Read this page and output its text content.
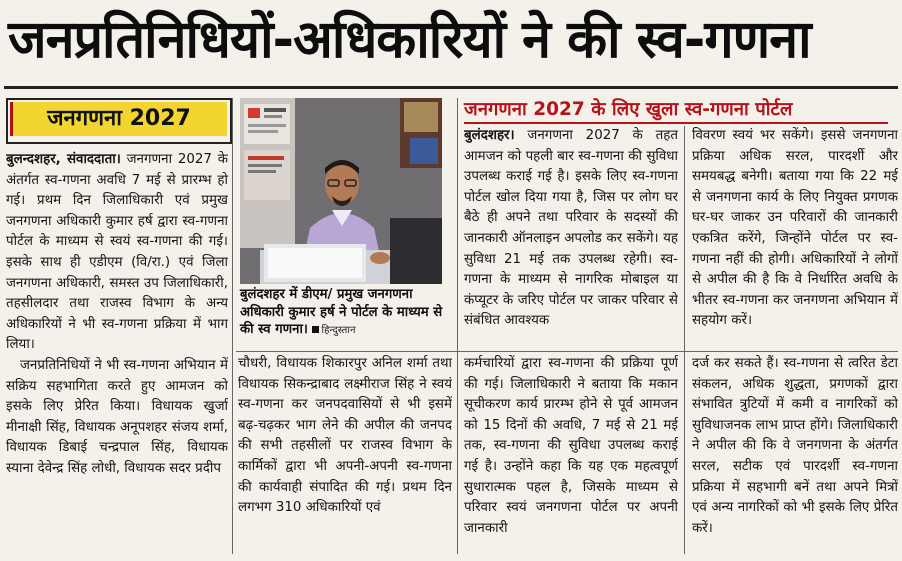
जनप्रतिनिधियों-अधिकारियों ने की स्व-गणना
जनगणना 2027
बुलन्दशहर, संवाददाता। जनगणना 2027 के अंतर्गत स्व-गणना अवधि 7 मई से प्रारम्भ हो गई। प्रथम दिन जिलाधिकारी एवं प्रमुख जनगणना अधिकारी कुमार हर्ष द्वारा स्व-गणना पोर्टल के माध्यम से स्वयं स्व-गणना की गई। इसके साथ ही एडीएम (वि/रा.) एवं जिला जनगणना अधिकारी, समस्त उप जिलाधिकारी, तहसीलदार तथा राजस्व विभाग के अन्य अधिकारियों ने भी स्व-गणना प्रक्रिया में भाग लिया।
जनप्रतिनिधियों ने भी स्व-गणना अभियान में सक्रिय सहभागिता करते हुए आमजन को इसके लिए प्रेरित किया। विधायक खुर्जा मीनाक्षी सिंह, विधायक अनूपशहर संजय शर्मा, विधायक डिबाई चन्द्रपाल सिंह, विधायक स्याना देवेन्द्र सिंह लोधी, विधायक सदर प्रदीप
बुलंदशहर में डीएम/ प्रमुख जनगणना अधिकारी कुमार हर्ष ने पोर्टल के माध्यम से की स्व गणना। हिन्दुस्तान
जनगणना 2027 के लिए खुला स्व-गणना पोर्टल
बुलंदशहर। जनगणना 2027 के तहत आमजन को पहली बार स्व-गणना की सुविधा उपलब्ध कराई गई है। इसके लिए स्व-गणना पोर्टल खोल दिया गया है, जिस पर लोग घर बैठे ही अपने तथा परिवार के सदस्यों की जानकारी ऑनलाइन अपलोड कर सकेंगे। यह सुविधा 21 मई तक उपलब्ध रहेगी। स्व-गणना के माध्यम से नागरिक मोबाइल या कंप्यूटर के जरिए पोर्टल पर जाकर परिवार से संबंधित आवश्यक
विवरण स्वयं भर सकेंगे। इससे जनगणना प्रक्रिया अधिक सरल, पारदर्शी और समयबद्ध बनेगी। बताया गया कि 22 मई से जनगणना कार्य के लिए नियुक्त प्रगणक घर-घर जाकर उन परिवारों की जानकारी एकत्रित करेंगे, जिन्होंने पोर्टल पर स्व-गणना नहीं की होगी। अधिकारियों ने लोगों से अपील की है कि वे निर्धारित अवधि के भीतर स्व-गणना कर जनगणना अभियान में सहयोग करें।
चौधरी, विधायक शिकारपुर अनिल शर्मा तथा विधायक सिकन्द्राबाद लक्ष्मीराज सिंह ने स्वयं स्व-गणना कर जनपदवासियों से भी इसमें बढ़-चढ़कर भाग लेने की अपील की जनपद की सभी तहसीलों पर राजस्व विभाग के कार्मिकों द्वारा भी अपनी-अपनी स्व-गणना की कार्यवाही संपादित की गई। प्रथम दिन लगभग 310 अधिकारियों एवं
कर्मचारियों द्वारा स्व-गणना की प्रक्रिया पूर्ण की गई। जिलाधिकारी ने बताया कि मकान सूचीकरण कार्य प्रारम्भ होने से पूर्व आमजन को 15 दिनों की अवधि, 7 मई से 21 मई तक, स्व-गणना की सुविधा उपलब्ध कराई गई है। उन्होंने कहा कि यह एक महत्वपूर्ण सुधारात्मक पहल है, जिसके माध्यम से परिवार स्वयं जनगणना पोर्टल पर अपनी जानकारी
दर्ज कर सकते हैं। स्व-गणना से त्वरित डेटा संकलन, अधिक शुद्धता, प्रगणकों द्वारा संभावित त्रुटियों में कमी व नागरिकों को सुविधाजनक लाभ प्राप्त होंगे। जिलाधिकारी ने अपील की कि वे जनगणना के अंतर्गत सरल, सटीक एवं पारदर्शी स्व-गणना प्रक्रिया में सहभागी बनें तथा अपने मित्रों एवं अन्य नागरिकों को भी इसके लिए प्रेरित करें।
